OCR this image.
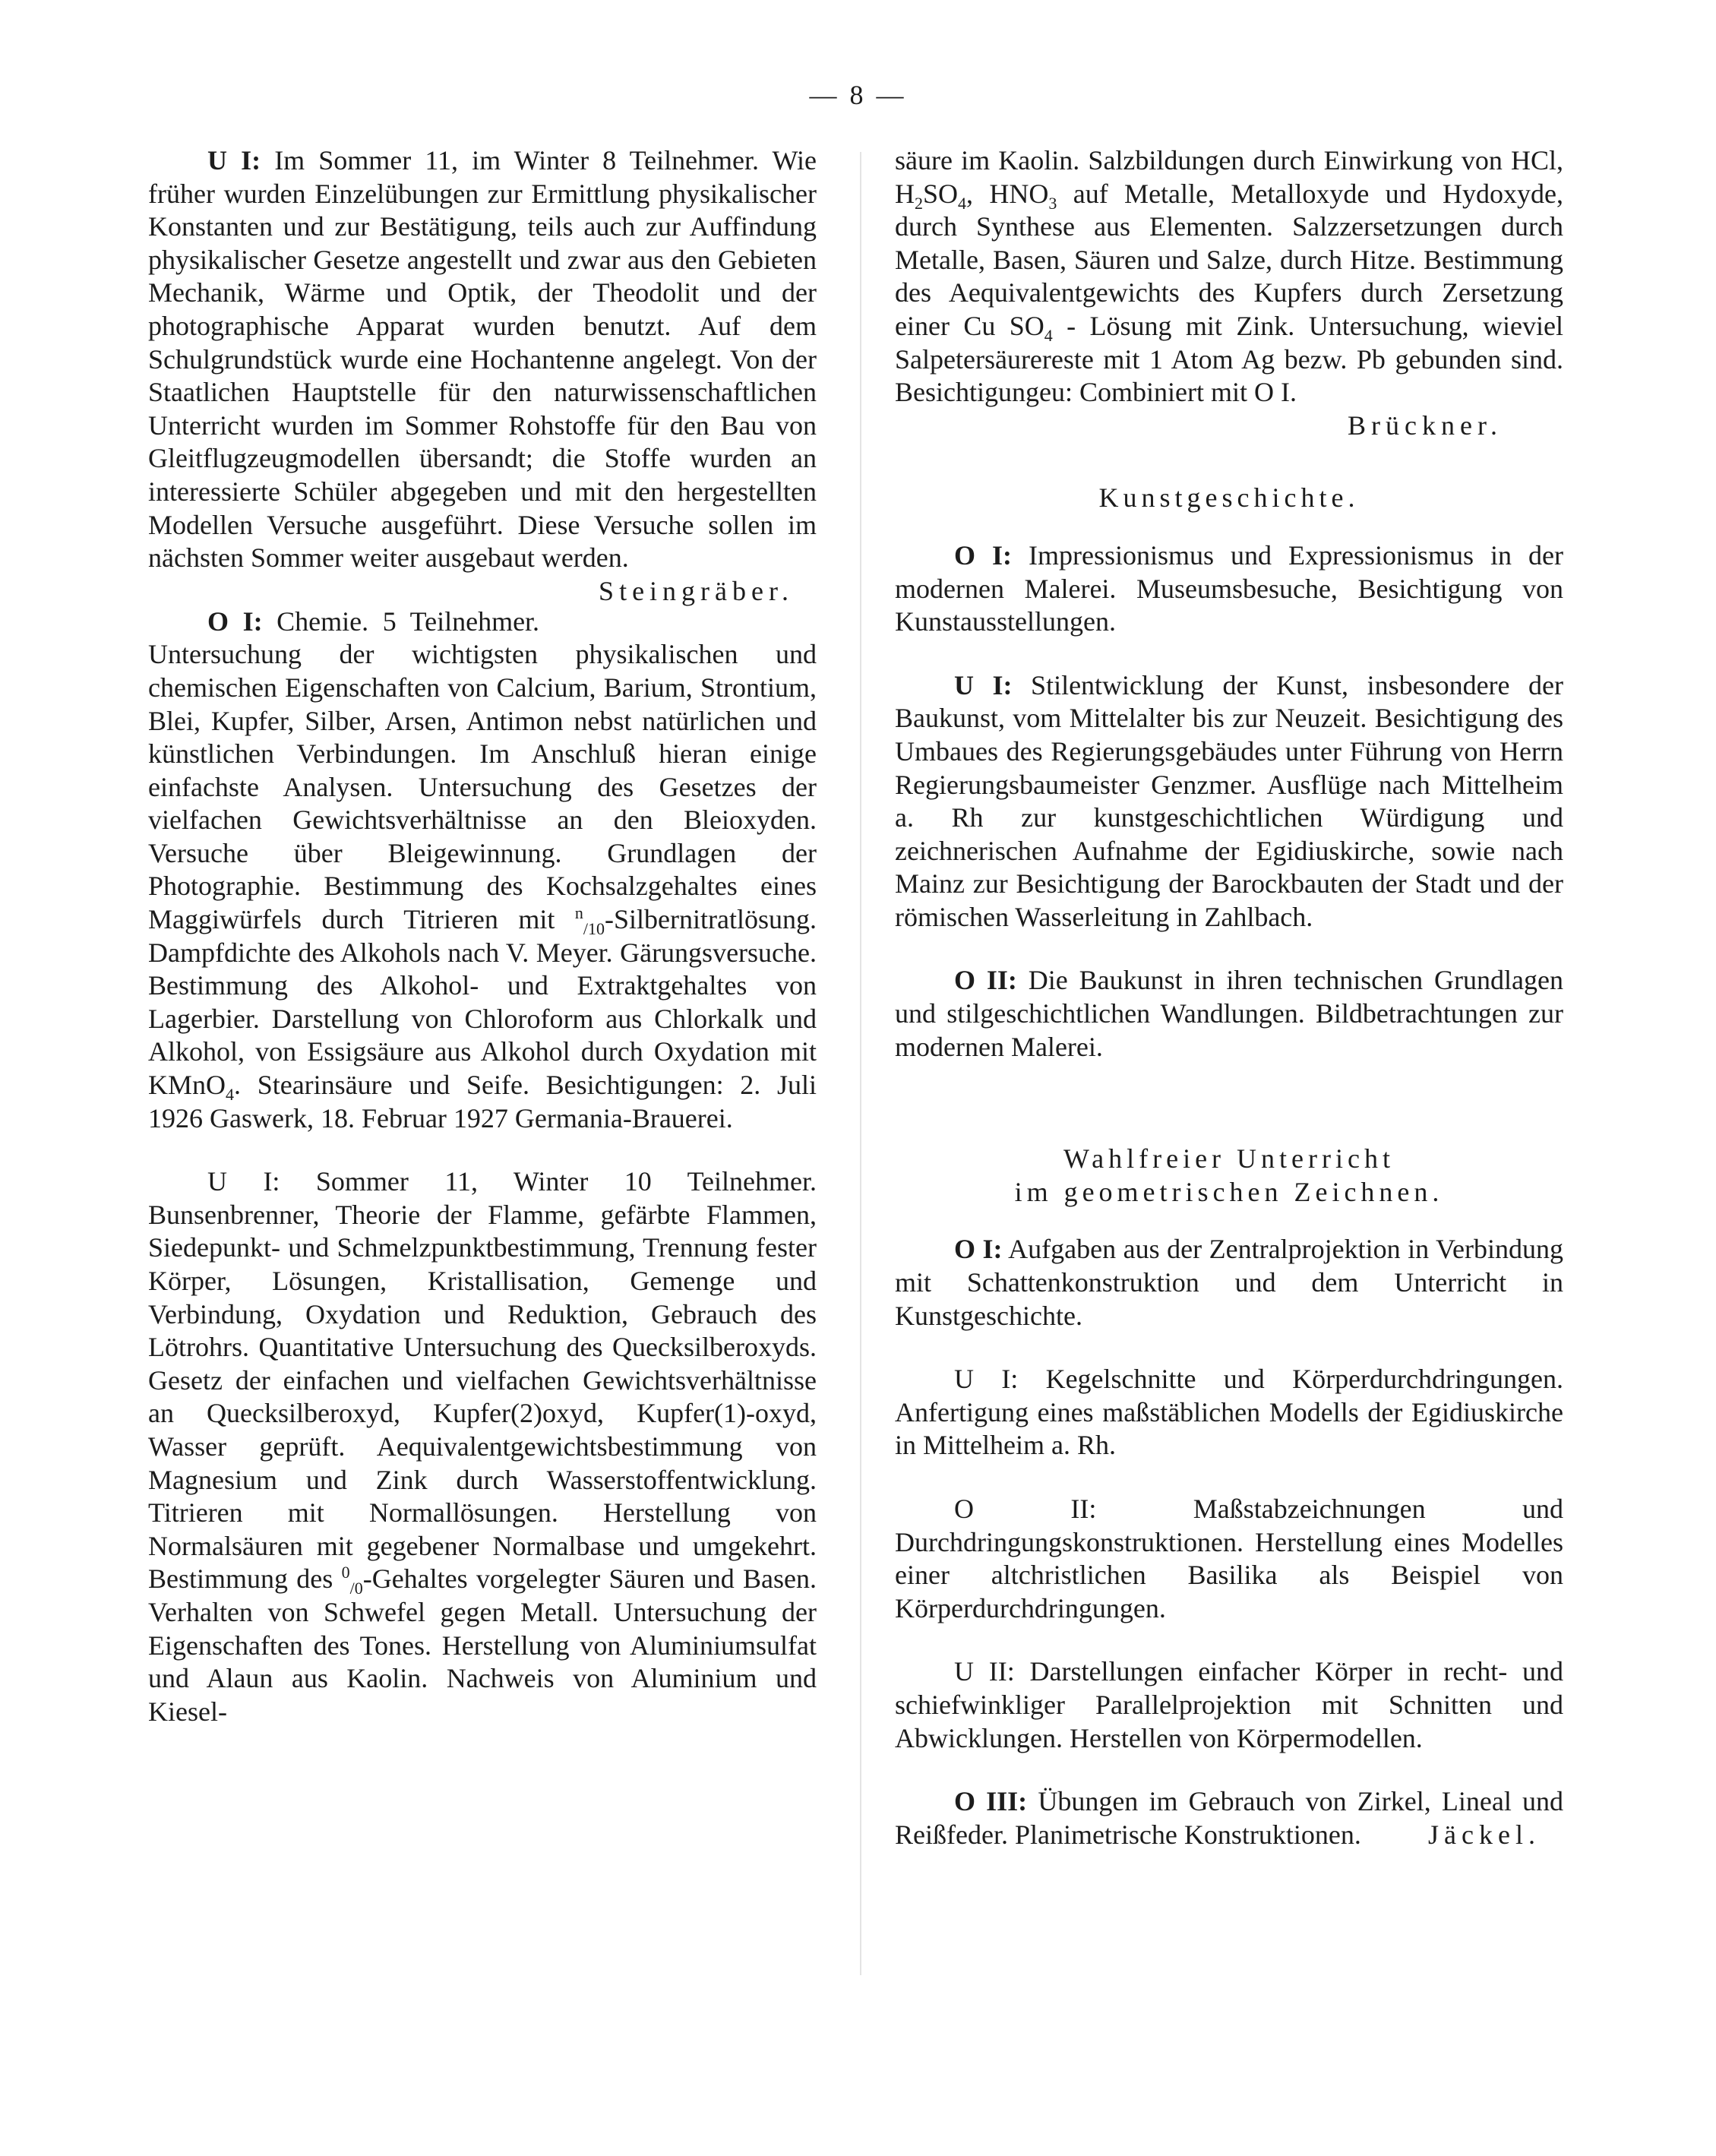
— 8 —

U I: Im Sommer 11, im Winter 8 Teilnehmer. Wie früher wurden Einzelübungen zur Ermittlung physikalischer Konstanten und zur Bestätigung, teils auch zur Auffindung physikalischer Gesetze angestellt und zwar aus den Gebieten Mechanik, Wärme und Optik, der Theodolit und der photographische Apparat wurden benutzt. Auf dem Schulgrundstück wurde eine Hochantenne angelegt. Von der Staatlichen Hauptstelle für den naturwissenschaftlichen Unterricht wurden im Sommer Rohstoffe für den Bau von Gleitflugzeugmodellen übersandt; die Stoffe wurden an interessierte Schüler abgegeben und mit den hergestellten Modellen Versuche ausgeführt. Diese Versuche sollen im nächsten Sommer weiter ausgebaut werden.
Steingräber.

O I: Chemie. 5 Teilnehmer. Untersuchung der wichtigsten physikalischen und chemischen Eigenschaften von Calcium, Barium, Strontium, Blei, Kupfer, Silber, Arsen, Antimon nebst natürlichen und künstlichen Verbindungen. Im Anschluß hieran einige einfachste Analysen. Untersuchung des Gesetzes der vielfachen Gewichtsverhältnisse an den Bleioxyden. Versuche über Bleigewinnung. Grundlagen der Photographie. Bestimmung des Kochsalzgehaltes eines Maggiwürfels durch Titrieren mit $^n_{/10}$-Silbernitratlösung. Dampfdichte des Alkohols nach V. Meyer. Gärungsversuche. Bestimmung des Alkohol- und Extraktgehaltes von Lagerbier. Darstellung von Chloroform aus Chlorkalk und Alkohol, von Essigsäure aus Alkohol durch Oxydation mit KMnO$_4$. Stearinsäure und Seife. Besichtigungen: 2. Juli 1926 Gaswerk, 18. Februar 1927 Germania-Brauerei.

U I: Sommer 11, Winter 10 Teilnehmer. Bunsenbrenner, Theorie der Flamme, gefärbte Flammen, Siedepunkt- und Schmelzpunktbestimmung, Trennung fester Körper, Lösungen, Kristallisation, Gemenge und Verbindung, Oxydation und Reduktion, Gebrauch des Lötrohrs. Quantitative Untersuchung des Quecksilberoxyds. Gesetz der einfachen und vielfachen Gewichtsverhältnisse an Quecksilberoxyd, Kupfer(2)oxyd, Kupfer(1)-oxyd, Wasser geprüft. Aequivalentgewichtsbestimmung von Magnesium und Zink durch Wasserstoffentwicklung. Titrieren mit Normallösungen. Herstellung von Normalsäuren mit gegebener Normalbase und umgekehrt. Bestimmung des $^0_{/0}$-Gehaltes vorgelegter Säuren und Basen. Verhalten von Schwefel gegen Metall. Untersuchung der Eigenschaften des Tones. Herstellung von Aluminiumsulfat und Alaun aus Kaolin. Nachweis von Aluminium und Kiesel-

säure im Kaolin. Salzbildungen durch Einwirkung von HCl, $H_2SO_4$, $HNO_3$ auf Metalle, Metalloxyde und Hydoxyde, durch Synthese aus Elementen. Salzzersetzungen durch Metalle, Basen, Säuren und Salze, durch Hitze. Bestimmung des Aequivalentgewichts des Kupfers durch Zersetzung einer Cu $SO_4$ - Lösung mit Zink. Untersuchung, wieviel Salpetersäurereste mit 1 Atom Ag bezw. Pb gebunden sind. Besichtigungeu: Combiniert mit O I.
Brückner.

Kunstgeschichte.

O I: Impressionismus und Expressionismus in der modernen Malerei. Museumsbesuche, Besichtigung von Kunstausstellungen.

U I: Stilentwicklung der Kunst, insbesondere der Baukunst, vom Mittelalter bis zur Neuzeit. Besichtigung des Umbaues des Regierungsgebäudes unter Führung von Herrn Regierungsbaumeister Genzmer. Ausflüge nach Mittelheim a. Rh zur kunstgeschichtlichen Würdigung und zeichnerischen Aufnahme der Egidiuskirche, sowie nach Mainz zur Besichtigung der Barockbauten der Stadt und der römischen Wasserleitung in Zahlbach.

O II: Die Baukunst in ihren technischen Grundlagen und stilgeschichtlichen Wandlungen. Bildbetrachtungen zur modernen Malerei.

Wahlfreier Unterricht
im geometrischen Zeichnen.

O I: Aufgaben aus der Zentralprojektion in Verbindung mit Schattenkonstruktion und dem Unterricht in Kunstgeschichte.

U I: Kegelschnitte und Körperdurchdringungen. Anfertigung eines maßstäblichen Modells der Egidiuskirche in Mittelheim a. Rh.

O II:	Maßstabzeichnungen und Durchdringungskonstruktionen. Herstellung eines Modelles einer altchristlichen Basilika als Beispiel von Körperdurchdringungen.

U II: Darstellungen einfacher Körper in recht- und schiefwinkliger Parallelprojektion mit Schnitten und Abwicklungen. Herstellen von Körpermodellen.

O III: Übungen im Gebrauch von Zirkel, Lineal und Reißfeder. Planimetrische Konstruktionen.	Jäckel.
